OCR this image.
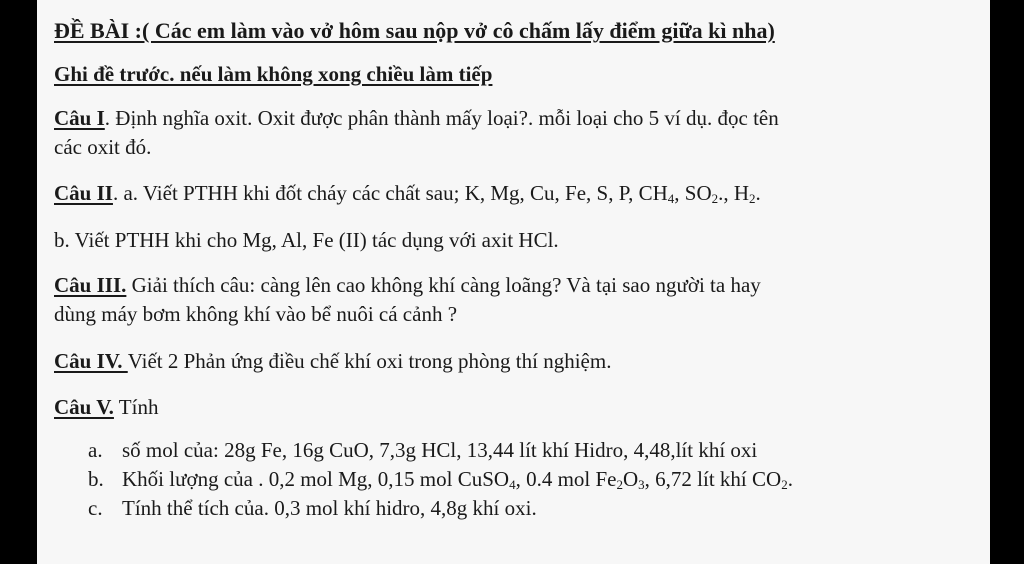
ĐỀ BÀI :( Các em làm vào vở hôm sau nộp vở cô chấm lấy điểm giữa kì nha)

Ghi đề trước. nếu làm không xong chiều làm tiếp

Câu I. Định nghĩa oxit. Oxit được phân thành mấy loại?. mỗi loại cho 5 ví dụ. đọc tên

các oxit đó.

Câu II. a. Viết PTHH khi đốt cháy các chất sau; K, Mg, Cu, Fe, S, P, $CH_4$, $SO_2$., $H_2$.

b. Viết PTHH khi cho Mg, Al, Fe (II) tác dụng với axit HCl.

Câu III. Giải thích câu: càng lên cao không khí càng loãng? Và tại sao người ta hay

dùng máy bơm không khí vào bể nuôi cá cảnh ?

Câu IV. Viết 2 Phản ứng điều chế khí oxi trong phòng thí nghiệm.

Câu V. Tính

a. số mol của: 28g Fe, 16g CuO, 7,3g HCl, 13,44 lít khí Hidro, 4,48,lít khí oxi

b. Khối lượng của . 0,2 mol Mg, 0,15 mol CuSO$_4$, 0.4 mol $Fe_2O_3$, 6,72 lít khí $CO_2$.

c. Tính thể tích của. 0,3 mol khí hidro, 4,8g khí oxi.
